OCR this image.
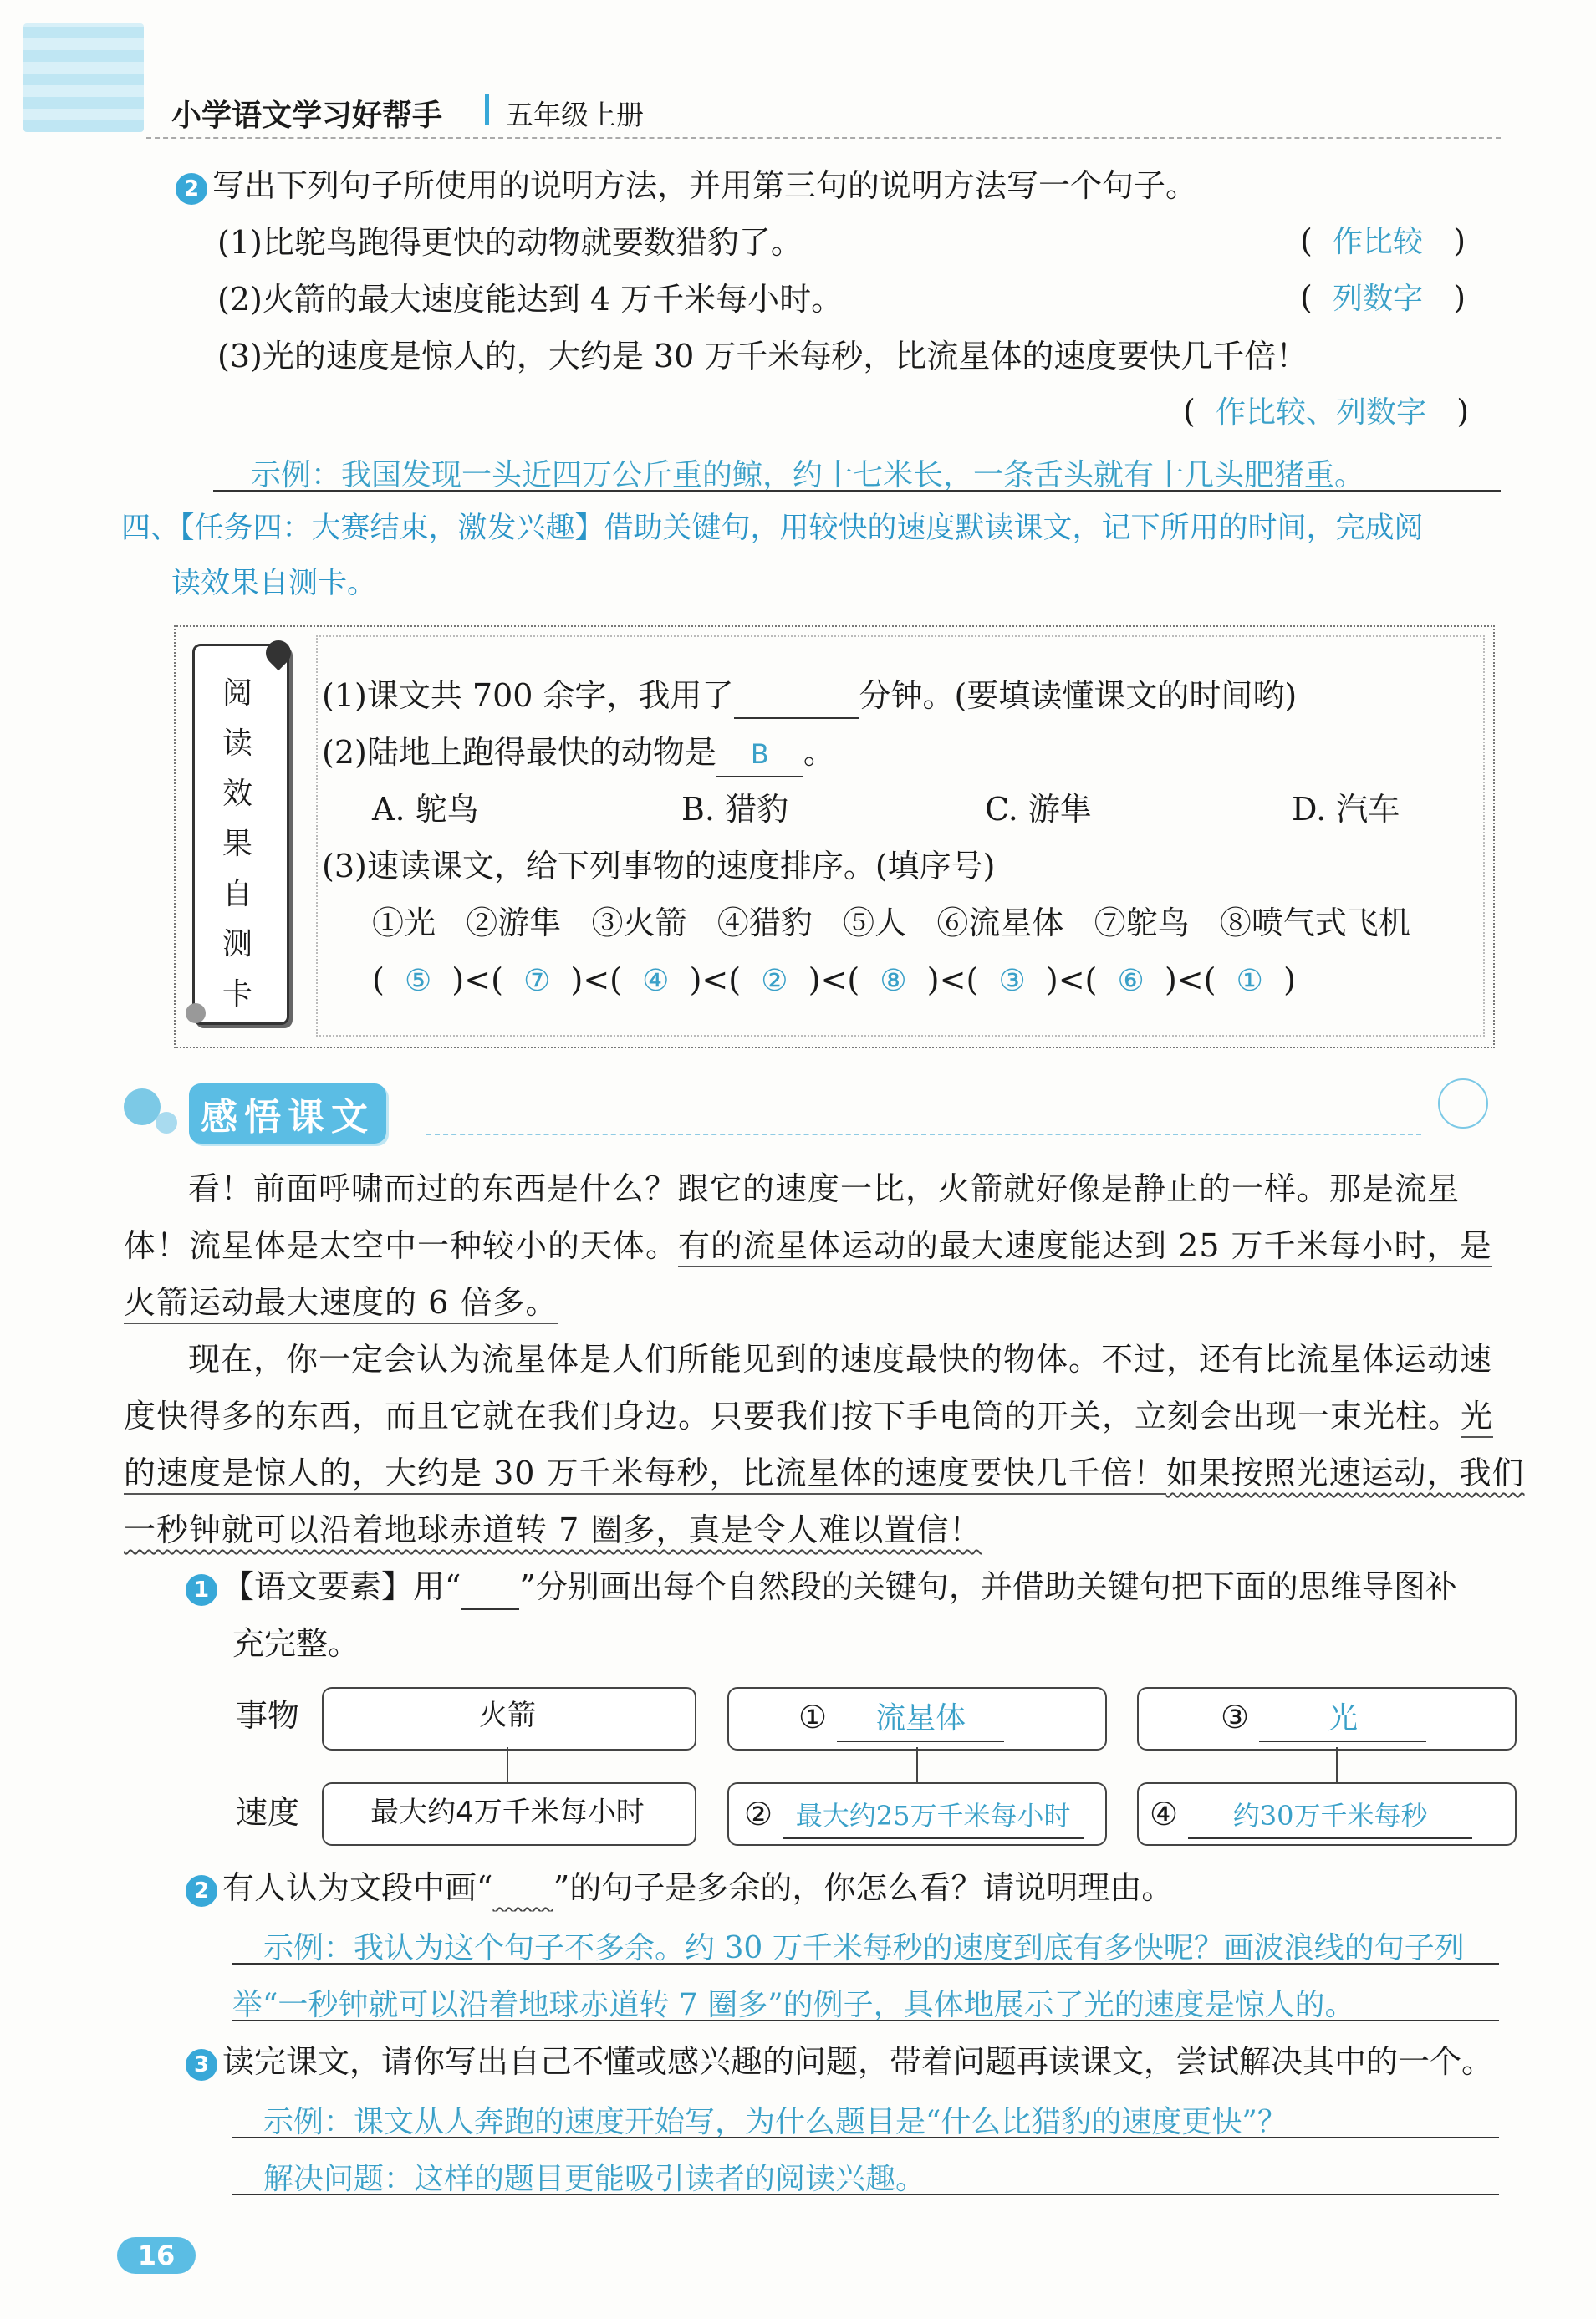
小学语文学习好帮手 五年级上册
2 写出下列句子所使用的说明方法，并用第三句的说明方法写一个句子。
(1)比鸵鸟跑得更快的动物就要数猎豹了。	(  作比较   )
(2)火箭的最大速度能达到 4 万千米每小时。	(  列数字   )
(3)光的速度是惊人的，大约是 30 万千米每秒，比流星体的速度要快几千倍！
(  作比较、列数字   )
示例：我国发现一头近四万公斤重的鲸，约十七米长，一条舌头就有十几头肥猪重。
四、【任务四：大赛结束，激发兴趣】借助关键句，用较快的速度默读课文，记下所用的时间，完成阅
读效果自测卡。
阅
读
效
果
自
测
卡
(1)课文共 700 余字，我用了	分钟。(要填读懂课文的时间哟)
(2)陆地上跑得最快的动物是 B 。
A. 鸵鸟	B. 猎豹	C. 游隼	D. 汽车
(3)速读课文，给下列事物的速度排序。(填序号)
①光 ②游隼 ③火箭 ④猎豹 ⑤人 ⑥流星体 ⑦鸵鸟 ⑧喷气式飞机
(  ⑤  )<(  ⑦  )<(  ④  )<(  ②  )<(  ⑧  )<(  ③  )<(  ⑥  )<(  ①  )
感悟课文
看！前面呼啸而过的东西是什么？跟它的速度一比，火箭就好像是静止的一样。那是流星
体！流星体是太空中一种较小的天体。有的流星体运动的最大速度能达到 25 万千米每小时，是
火箭运动最大速度的 6 倍多。
现在，你一定会认为流星体是人们所能见到的速度最快的物体。不过，还有比流星体运动速
度快得多的东西，而且它就在我们身边。只要我们按下手电筒的开关，立刻会出现一束光柱。光
的速度是惊人的，大约是 30 万千米每秒，比流星体的速度要快几千倍！如果按照光速运动，我们
一秒钟就可以沿着地球赤道转 7 圈多，真是令人难以置信！
1 【语文要素】用“ ”分别画出每个自然段的关键句，并借助关键句把下面的思维导图补
充完整。
事物
速度
火箭
最大约4万千米每小时
① 流星体
② 最大约25万千米每小时
③	光
④ 约30万千米每秒
2 有人认为文段中画“ ”的句子是多余的，你怎么看？请说明理由。
示例：我认为这个句子不多余。约 30 万千米每秒的速度到底有多快呢？画波浪线的句子列
举“一秒钟就可以沿着地球赤道转 7 圈多”的例子，具体地展示了光的速度是惊人的。
3 读完课文，请你写出自己不懂或感兴趣的问题，带着问题再读课文，尝试解决其中的一个。
示例：课文从人奔跑的速度开始写，为什么题目是“什么比猎豹的速度更快”？
解决问题：这样的题目更能吸引读者的阅读兴趣。
16
